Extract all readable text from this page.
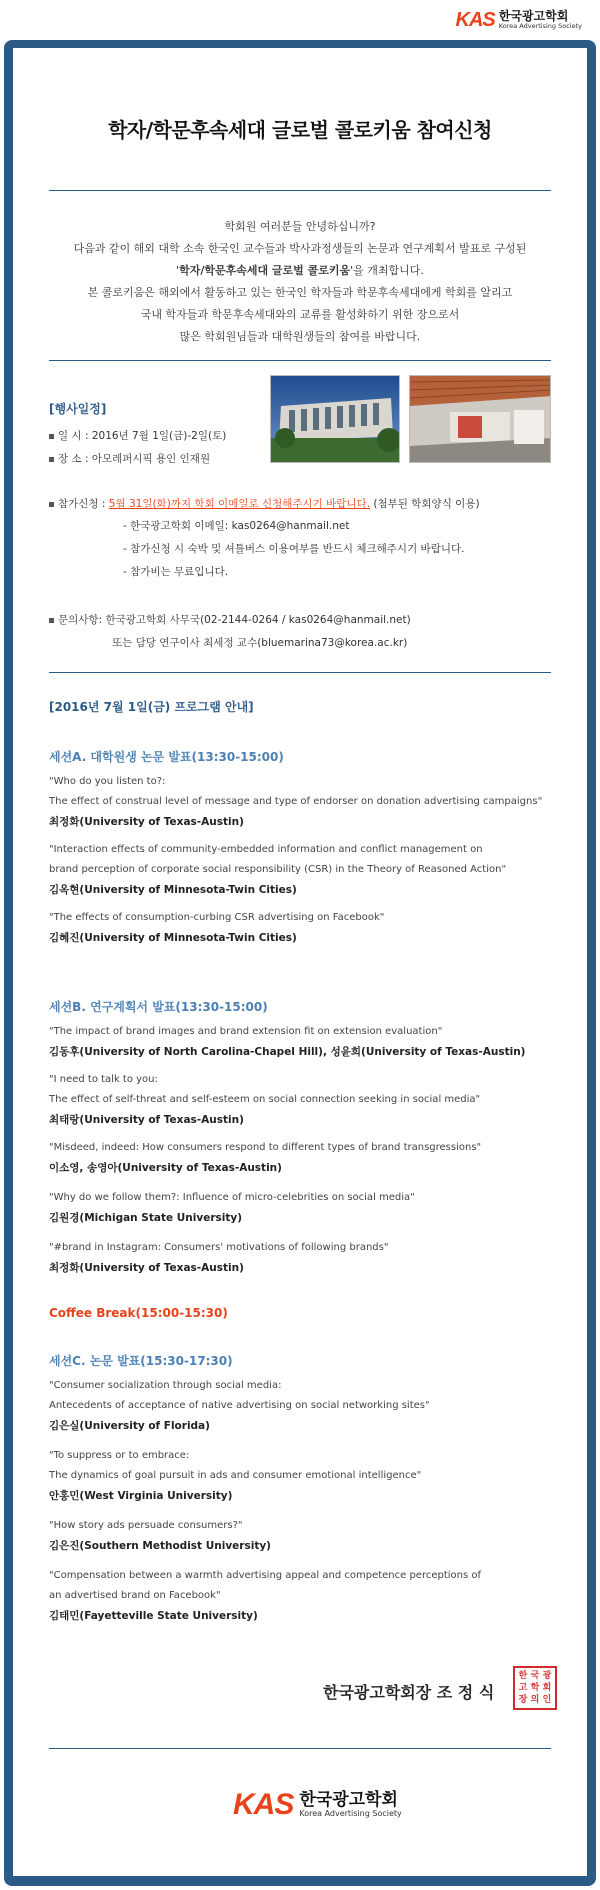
KAS 한국광고학회
Korea Advertising Society
학자/학문후속세대 글로벌 콜로키움 참여신청
학회원 여러분들 안녕하십니까?
다음과 같이 해외 대학 소속 한국인 교수들과 박사과정생들의 논문과 연구계획서 발표로 구성된
'학자/학문후속세대 글로벌 콜로키움'을 개최합니다.
본 콜로키움은 해외에서 활동하고 있는 한국인 학자들과 학문후속세대에게 학회를 알리고
국내 학자들과 학문후속세대와의 교류를 활성화하기 위한 장으로서
많은 학회원님들과 대학원생들의 참여를 바랍니다.
[행사일정]
일 시 : 2016년 7월 1일(금)-2일(토)
장 소 : 아모레퍼시픽 용인 인재원
참가신청 : 5월 31일(화)까지 학회 이메일로 신청해주시기 바랍니다. (첨부된 학회양식 이용)
- 한국광고학회 이메일: kas0264@hanmail.net
- 참가신청 시 숙박 및 셔틀버스 이용여부를 반드시 체크해주시기 바랍니다.
- 참가비는 무료입니다.
문의사항: 한국광고학회 사무국(02-2144-0264 / kas0264@hanmail.net)
또는 담당 연구이사 최세정 교수(bluemarina73@korea.ac.kr)
[2016년 7월 1일(금) 프로그램 안내]
세션A. 대학원생 논문 발표(13:30-15:00)
"Who do you listen to?:
The effect of construal level of message and type of endorser on donation advertising campaigns"
최정화(University of Texas-Austin)
"Interaction effects of community-embedded information and conflict management on
brand perception of corporate social responsibility (CSR) in the Theory of Reasoned Action"
김옥현(University of Minnesota-Twin Cities)
"The effects of consumption-curbing CSR advertising on Facebook"
김혜진(University of Minnesota-Twin Cities)
세션B. 연구계획서 발표(13:30-15:00)
"The impact of brand images and brand extension fit on extension evaluation"
김동후(University of North Carolina-Chapel Hill), 성윤희(University of Texas-Austin)
"I need to talk to you:
The effect of self-threat and self-esteem on social connection seeking in social media"
최태랑(University of Texas-Austin)
"Misdeed, indeed: How consumers respond to different types of brand transgressions"
이소영, 송영아(University of Texas-Austin)
"Why do we follow them?: Influence of micro-celebrities on social media"
김원경(Michigan State University)
"#brand in Instagram: Consumers' motivations of following brands"
최정화(University of Texas-Austin)
Coffee Break(15:00-15:30)
세션C. 논문 발표(15:30-17:30)
"Consumer socialization through social media:
Antecedents of acceptance of native advertising on social networking sites"
김은실(University of Florida)
"To suppress or to embrace:
The dynamics of goal pursuit in ads and consumer emotional intelligence"
안홍민(West Virginia University)
"How story ads persuade consumers?"
김은진(Southern Methodist University)
"Compensation between a warmth advertising appeal and competence perceptions of
an advertised brand on Facebook"
김태민(Fayetteville State University)
한국광고학회장 조 정 식
한 국 광
고 학 회
장 의 인
KAS 한국광고학회
Korea Advertising Society
